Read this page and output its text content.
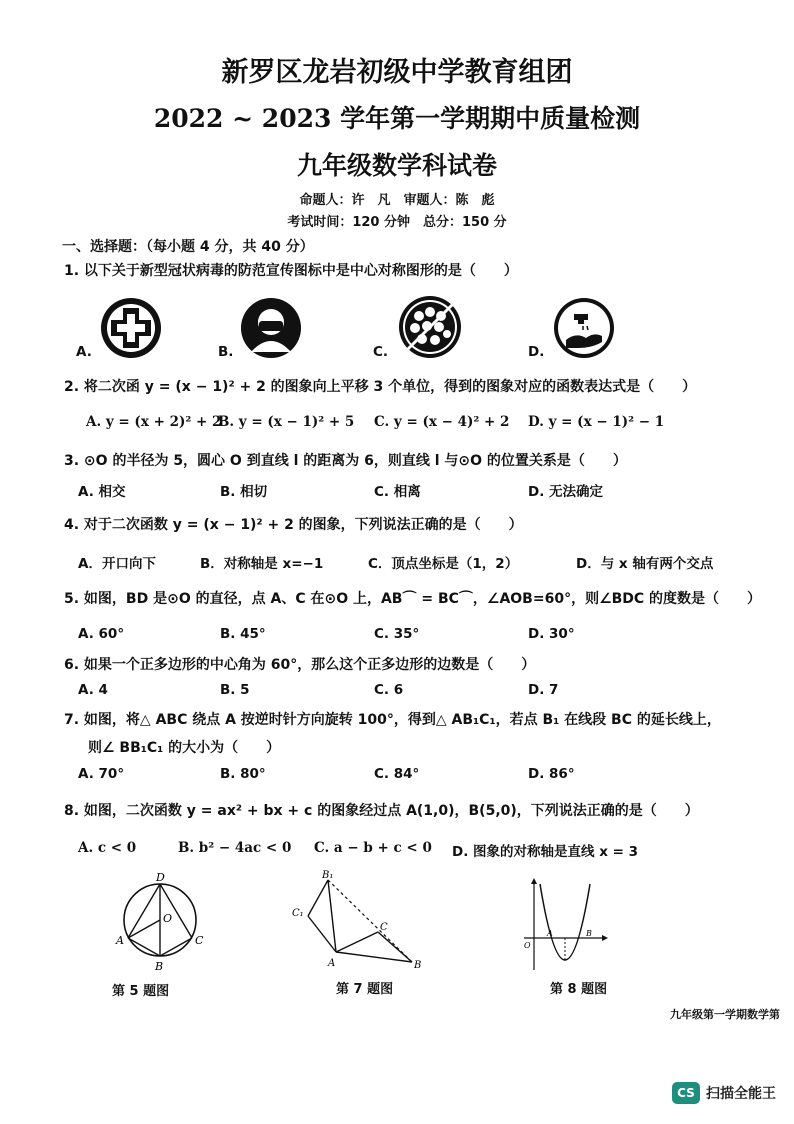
新罗区龙岩初级中学教育组团
2022 ~ 2023 学年第一学期期中质量检测
九年级数学科试卷
命题人：许　凡　审题人：陈　彪
考试时间：120 分钟　总分：150 分
一、选择题：（每小题 4 分，共 40 分）
1. 以下关于新型冠状病毒的防范宣传图标中是中心对称图形的是（　　）
A.	B.	C.	D.
2. 将二次函 y = (x − 1)² + 2 的图象向上平移 3 个单位，得到的图象对应的函数表达式是（　　）
A. y = (x + 2)² + 2
B. y = (x − 1)² + 5 C. y = (x − 4)² + 2 D. y = (x − 1)² − 1
3. ⊙O 的半径为 5，圆心 O 到直线 l 的距离为 6，则直线 l 与⊙O 的位置关系是（　　）
A. 相交	B. 相切	C. 相离	D. 无法确定
4. 对于二次函数 y = (x − 1)² + 2 的图象，下列说法正确的是（　　）
A．开口向下	B．对称轴是 x=−1	C．顶点坐标是（1，2）	D．与 x 轴有两个交点
5. 如图，BD 是⊙O 的直径，点 A、C 在⊙O 上，AB⌒ = BC⌒，∠AOB=60°，则∠BDC 的度数是（　　）
A. 60°	B. 45°	C. 35°	D. 30°
6. 如果一个正多边形的中心角为 60°，那么这个正多边形的边数是（　　）
A. 4	B. 5	C. 6	D. 7
7. 如图，将△ ABC 绕点 A 按逆时针方向旋转 100°，得到△ AB₁C₁，若点 B₁ 在线段 BC 的延长线上，
则∠ BB₁C₁ 的大小为（　　）
A. 70°	B. 80°	C. 84°	D. 86°
8. 如图，二次函数 y = ax² + bx + c 的图象经过点 A(1,0)，B(5,0)，下列说法正确的是（　　）
A. c < 0	B. b² − 4ac < 0 C. a − b + c < 0 D. 图象的对称轴是直线 x = 3
D
O
A	C
B
第 5 题图
B₁
C₁
C
A	B
第 7 题图
O
A	B
第 8 题图
九年级第一学期数学第
CS 扫描全能王
